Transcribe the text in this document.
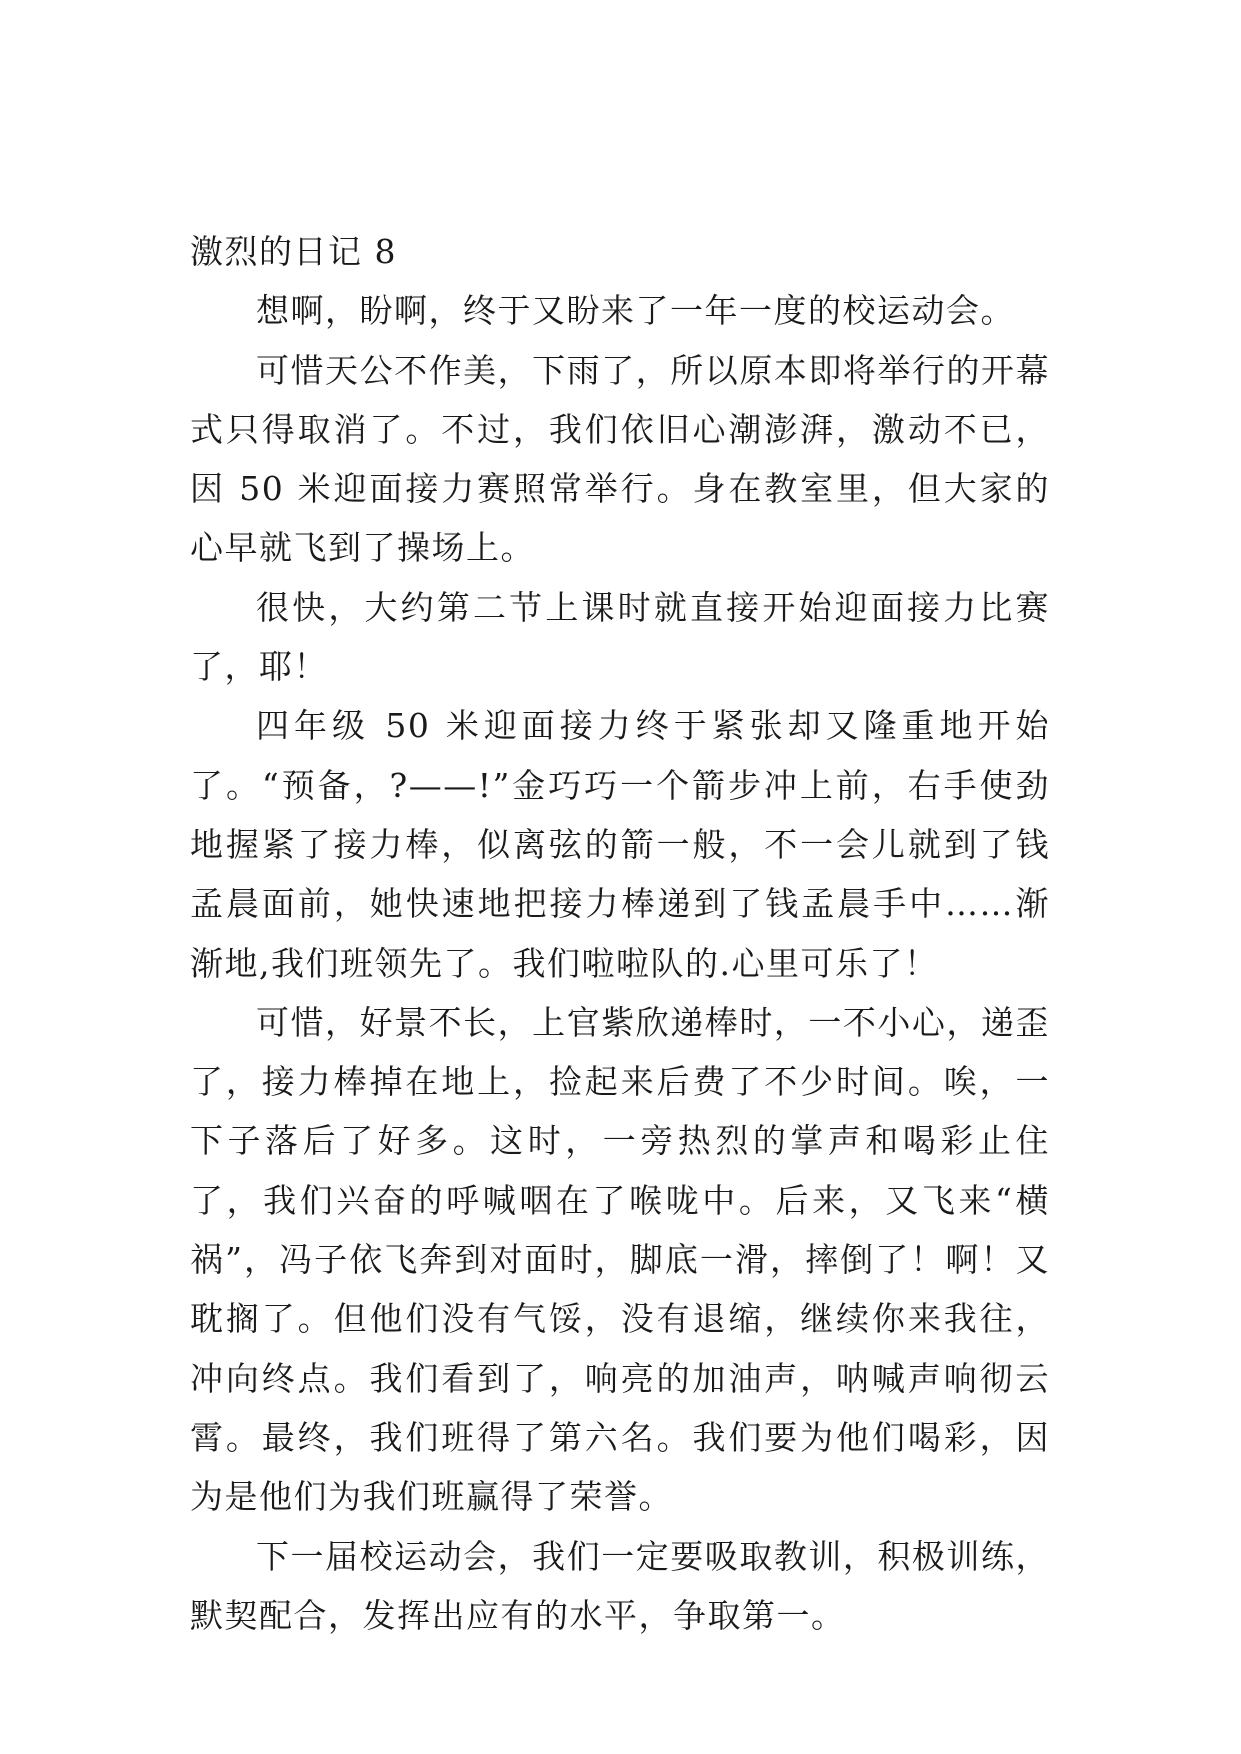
激烈的日记 8

想啊，盼啊，终于又盼来了一年一度的校运动会。

可惜天公不作美，下雨了，所以原本即将举行的开幕式只得取消了。不过，我们依旧心潮澎湃，激动不已，因 50 米迎面接力赛照常举行。身在教室里，但大家的心早就飞到了操场上。

很快，大约第二节上课时就直接开始迎面接力比赛了，耶！

四年级 50 米迎面接力终于紧张却又隆重地开始了。“预备，?——!”金巧巧一个箭步冲上前，右手使劲地握紧了接力棒，似离弦的箭一般，不一会儿就到了钱孟晨面前，她快速地把接力棒递到了钱孟晨手中……渐渐地,我们班领先了。我们啦啦队的.心里可乐了！

可惜，好景不长，上官紫欣递棒时，一不小心，递歪了，接力棒掉在地上，捡起来后费了不少时间。唉，一下子落后了好多。这时，一旁热烈的掌声和喝彩止住了，我们兴奋的呼喊咽在了喉咙中。后来，又飞来“横祸”，冯子依飞奔到对面时，脚底一滑，摔倒了！啊！又耽搁了。但他们没有气馁，没有退缩，继续你来我往，冲向终点。我们看到了，响亮的加油声，呐喊声响彻云霄。最终，我们班得了第六名。我们要为他们喝彩，因为是他们为我们班赢得了荣誉。

下一届校运动会，我们一定要吸取教训，积极训练，默契配合，发挥出应有的水平，争取第一。
